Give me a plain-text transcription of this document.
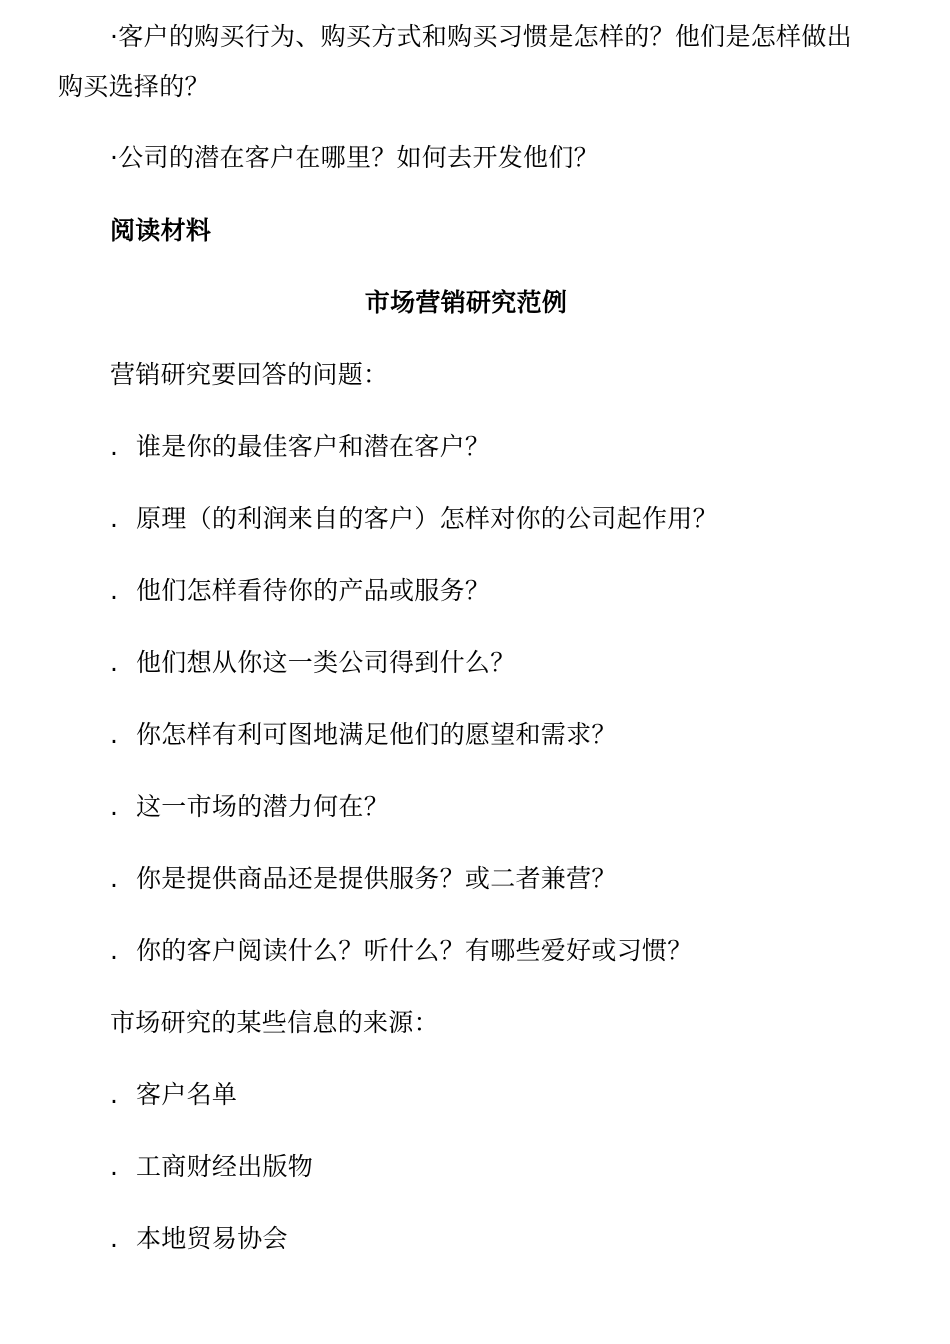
·客户的购买行为、购买方式和购买习惯是怎样的？他们是怎样做出
购买选择的？
·公司的潜在客户在哪里？如何去开发他们？
阅读材料
市场营销研究范例
营销研究要回答的问题：
. 谁是你的最佳客户和潜在客户？
. 原理（的利润来自的客户）怎样对你的公司起作用？
. 他们怎样看待你的产品或服务？
. 他们想从你这一类公司得到什么？
. 你怎样有利可图地满足他们的愿望和需求？
. 这一市场的潜力何在？
. 你是提供商品还是提供服务？或二者兼营？
. 你的客户阅读什么？听什么？有哪些爱好或习惯？
市场研究的某些信息的来源：
. 客户名单
. 工商财经出版物
. 本地贸易协会
